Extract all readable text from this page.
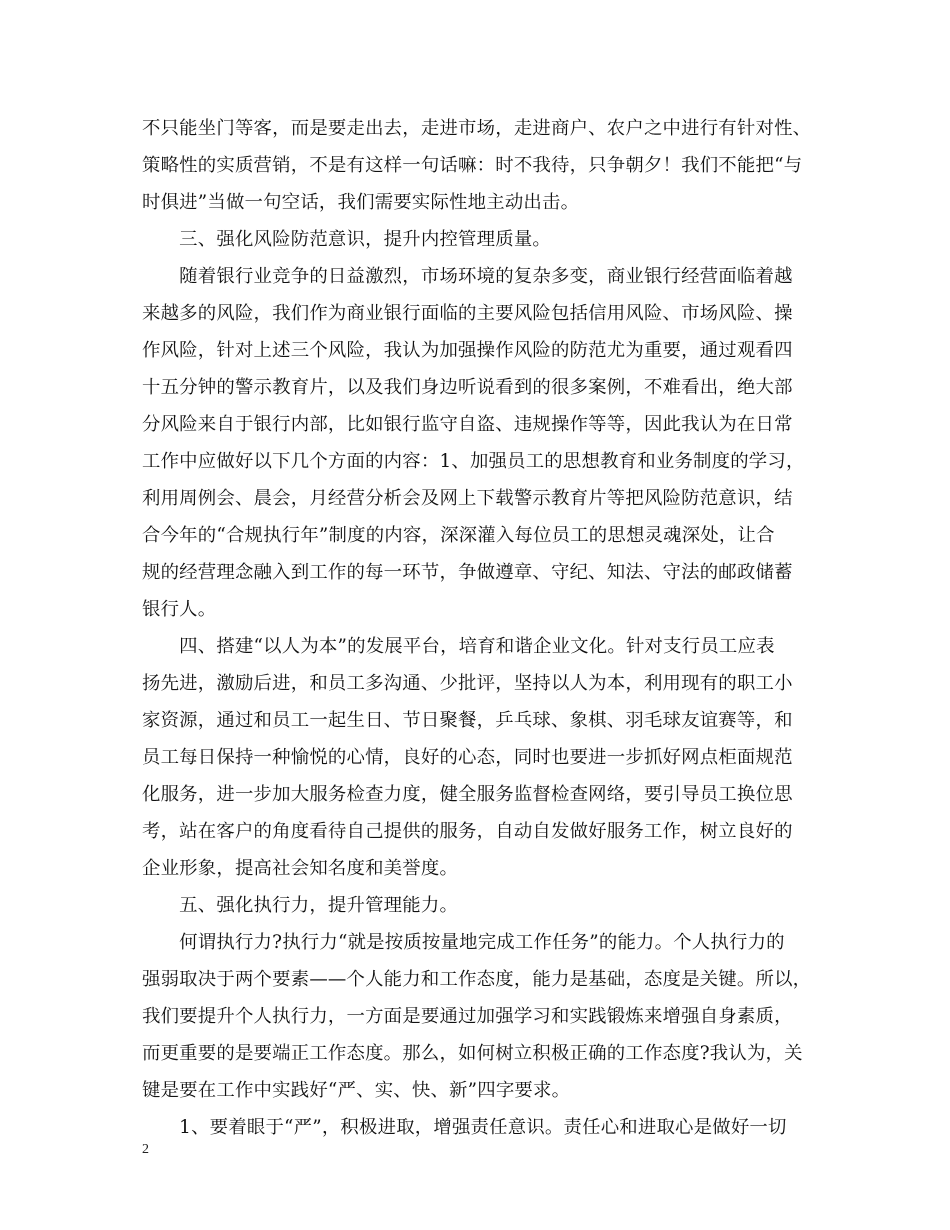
不只能坐门等客，而是要走出去，走进市场，走进商户、农户之中进行有针对性、
策略性的实质营销，不是有这样一句话嘛：时不我待，只争朝夕！我们不能把“与
时俱进”当做一句空话，我们需要实际性地主动出击。
　　三、强化风险防范意识，提升内控管理质量。
　　随着银行业竞争的日益激烈，市场环境的复杂多变，商业银行经营面临着越
来越多的风险，我们作为商业银行面临的主要风险包括信用风险、市场风险、操
作风险，针对上述三个风险，我认为加强操作风险的防范尤为重要，通过观看四
十五分钟的警示教育片，以及我们身边听说看到的很多案例，不难看出，绝大部
分风险来自于银行内部，比如银行监守自盗、违规操作等等，因此我认为在日常
工作中应做好以下几个方面的内容：1、加强员工的思想教育和业务制度的学习，
利用周例会、晨会，月经营分析会及网上下载警示教育片等把风险防范意识，结
合今年的“合规执行年”制度的内容，深深灌入每位员工的思想灵魂深处，让合
规的经营理念融入到工作的每一环节，争做遵章、守纪、知法、守法的邮政储蓄
银行人。
　　四、搭建“以人为本”的发展平台，培育和谐企业文化。针对支行员工应表
扬先进，激励后进，和员工多沟通、少批评，坚持以人为本，利用现有的职工小
家资源，通过和员工一起生日、节日聚餐，乒乓球、象棋、羽毛球友谊赛等，和
员工每日保持一种愉悦的心情，良好的心态，同时也要进一步抓好网点柜面规范
化服务，进一步加大服务检查力度，健全服务监督检查网络，要引导员工换位思
考，站在客户的角度看待自己提供的服务，自动自发做好服务工作，树立良好的
企业形象，提高社会知名度和美誉度。
　　五、强化执行力，提升管理能力。
　　何谓执行力?执行力“就是按质按量地完成工作任务”的能力。个人执行力的
强弱取决于两个要素——个人能力和工作态度，能力是基础，态度是关键。所以，
我们要提升个人执行力，一方面是要通过加强学习和实践锻炼来增强自身素质，
而更重要的是要端正工作态度。那么，如何树立积极正确的工作态度?我认为，关
键是要在工作中实践好“严、实、快、新”四字要求。
　　1、要着眼于“严”，积极进取，增强责任意识。责任心和进取心是做好一切
2
